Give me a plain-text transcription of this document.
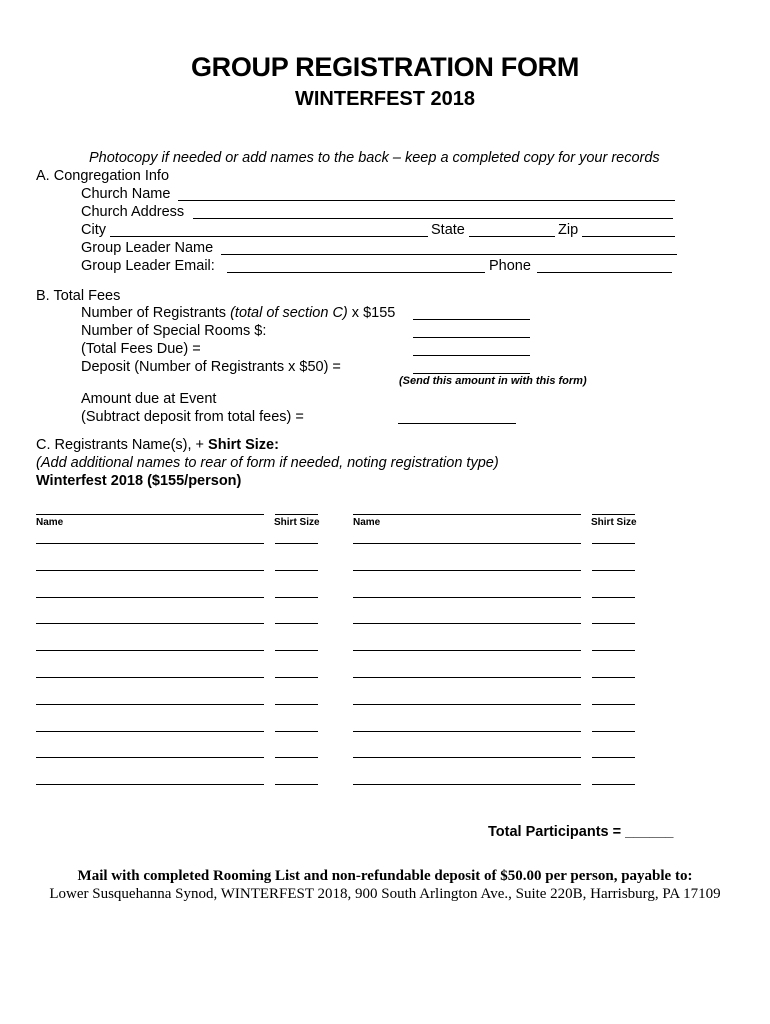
GROUP REGISTRATION FORM
WINTERFEST 2018
Photocopy if needed or add names to the back – keep a completed copy for your records
A. Congregation Info
Church Name
Church Address
City	State	Zip
Group Leader Name
Group Leader Email:	Phone
B. Total Fees
Number of Registrants (total of section C) x $155
Number of Special Rooms $:
(Total Fees Due) =
Deposit (Number of Registrants x $50) =
(Send this amount in with this form)
Amount due at Event
(Subtract deposit from total fees) =
C. Registrants Name(s), + Shirt Size:
(Add additional names to rear of form if needed, noting registration type)
Winterfest 2018 ($155/person)
Name	Shirt Size	Name	Shirt Size
Total Participants = ______
Mail with completed Rooming List and non-refundable deposit of $50.00 per person, payable to:
Lower Susquehanna Synod, WINTERFEST 2018, 900 South Arlington Ave., Suite 220B, Harrisburg, PA 17109
